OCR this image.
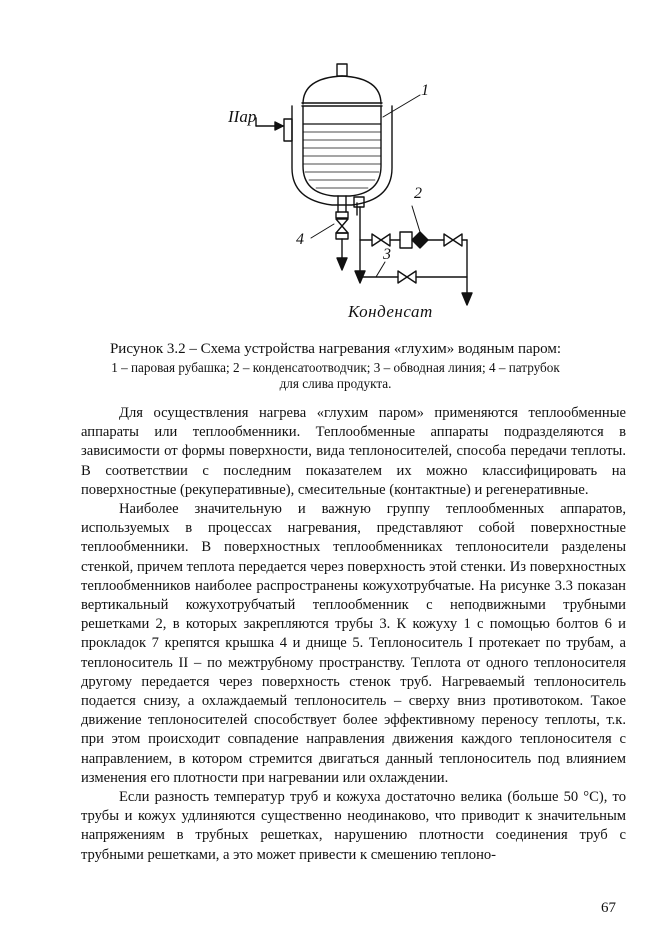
IIар
1
2
3
4
Конденсат

Рисунок 3.2 – Схема устройства нагревания «глухим» водяным паром:

1 – паровая рубашка; 2 – конденсатоотводчик; 3 – обводная линия; 4 – патрубок

для слива продукта.

Для осуществления нагрева «глухим паром» применяются теплообменные аппараты или теплообменники. Теплообменные аппараты подразделяются в зависимости от формы поверхности, вида теплоносителей, способа передачи теплоты. В соответствии с последним показателем их можно классифицировать на поверхностные (рекуперативные), смесительные (контактные) и регенеративные.

Наиболее значительную и важную группу теплообменных аппаратов, используемых в процессах нагревания, представляют собой поверхностные теплообменники. В поверхностных теплообменниках теплоносители разделены стенкой, причем теплота передается через поверхность этой стенки. Из поверхностных теплообменников наиболее распространены кожухотрубчатые. На рисунке 3.3 показан вертикальный кожухотрубчатый теплообменник с неподвижными трубными решетками 2, в которых закрепляются трубы 3. К кожуху 1 с помощью болтов 6 и прокладок 7 крепятся крышка 4 и днище 5. Теплоноситель I протекает по трубам, а теплоноситель II – по межтрубному пространству. Теплота от одного теплоносителя другому передается через поверхность стенок труб. Нагреваемый теплоноситель подается снизу, а охлаждаемый теплоноситель – сверху вниз противотоком. Такое движение теплоносителей способствует более эффективному переносу теплоты, т.к. при этом происходит совпадение направления движения каждого теплоносителя с направлением, в котором стремится двигаться данный теплоноситель под влиянием изменения его плотности при нагревании или охлаждении.

Если разность температур труб и кожуха достаточно велика (больше 50 °C), то трубы и кожух удлиняются существенно неодинаково, что приводит к значительным напряжениям в трубных решетках, нарушению плотности соединения труб с трубными решетками, а это может привести к смешению теплоно-

67
